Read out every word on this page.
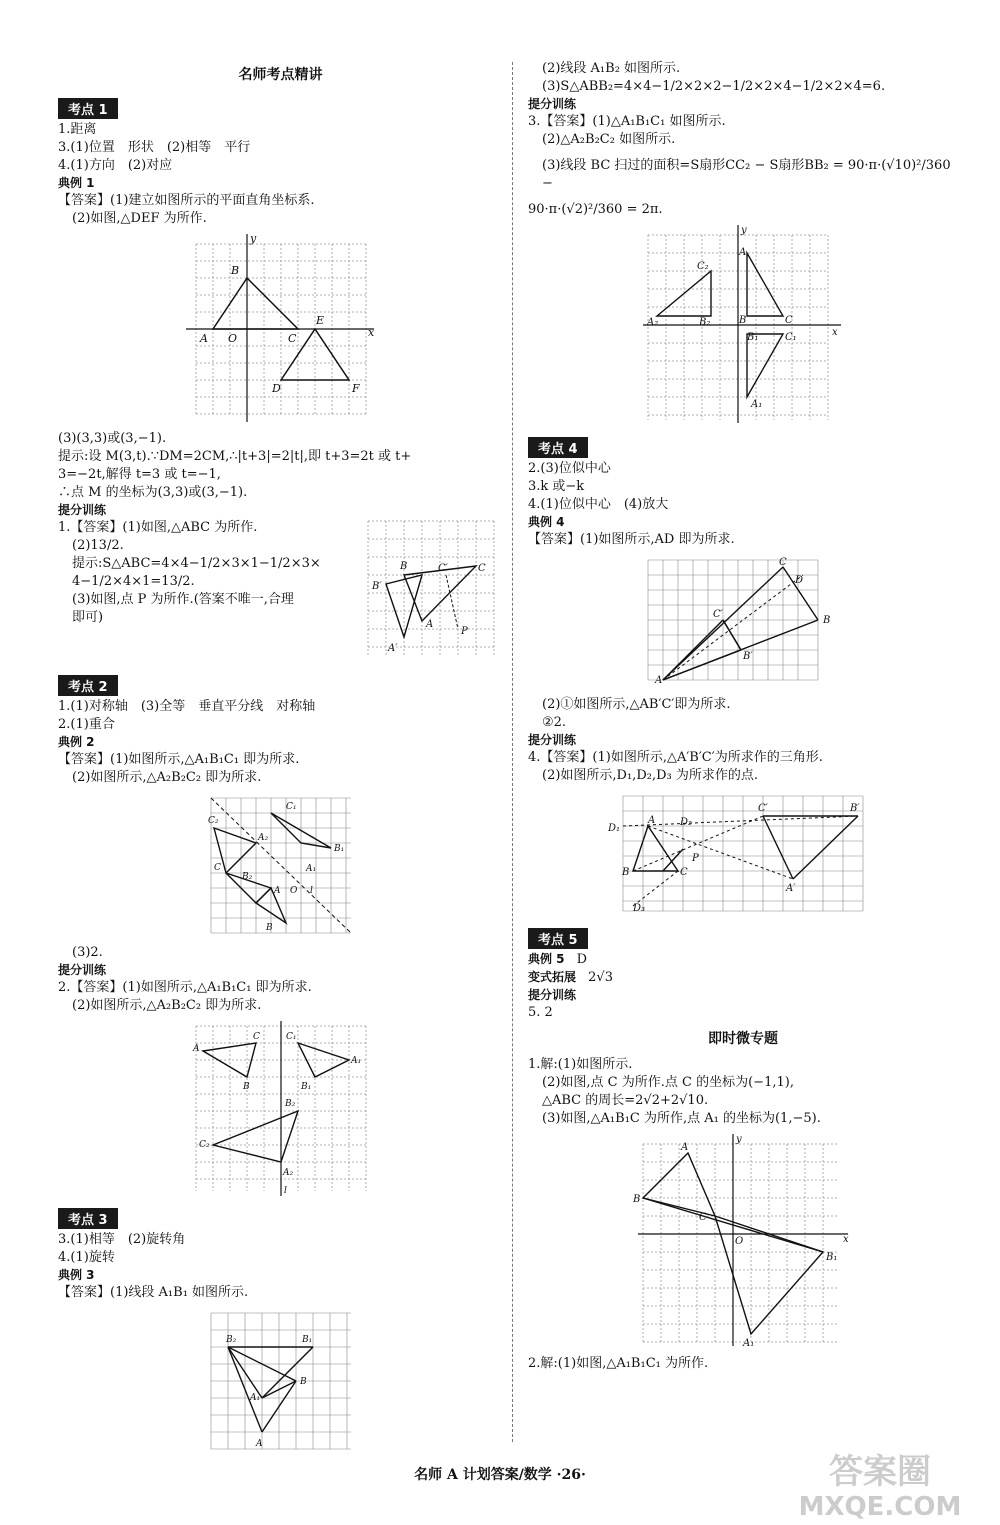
名师考点精讲
考点 1

1.距离

3.(1)位置　形状　(2)相等　平行

4.(1)方向　(2)对应

典例 1

【答案】(1)建立如图所示的平面直角坐标系.

(2)如图,△DEF 为所作.

B
A O	C
E
D	F
x
y

(3)(3,3)或(3,−1).

提示:设 M(3,t).∵DM=2CM,∴|t+3|=2|t|,即 t+3=2t 或 t+

3=−2t,解得 t=3 或 t=−1,

∴点 M 的坐标为(3,3)或(3,−1).

提分训练

1.【答案】(1)如图,△ABC 为所作.

(2)13/2.

提示:S△ABC=4×4−1/2×3×1−1/2×3×

4−1/2×4×1=13/2.

(3)如图,点 P 为所作.(答案不唯一,合理

即可)

B′
B	C′	C
A
P
A′
考点 2

1.(1)对称轴　(3)全等　垂直平分线　对称轴

2.(1)重合

典例 2

【答案】(1)如图所示,△A₁B₁C₁ 即为所求.

(2)如图所示,△A₂B₂C₂ 即为所求.

C₂
C₁
A₂
B₁
C
B₂
A₁
A O l
B

(3)2.

提分训练

2.【答案】(1)如图所示,△A₁B₁C₁ 即为所求.

(2)如图所示,△A₂B₂C₂ 即为所求.

A
C
B
C₁
A₁
B₁
B₂
C₂
A₂
l
考点 3

3.(1)相等　(2)旋转角

4.(1)旋转

典例 3

【答案】(1)线段 A₁B₁ 如图所示.

B₂	B₁
B
A₁
A

(2)线段 A₁B₂ 如图所示.

(3)S△ABB₂=4×4−1/2×2×2−1/2×2×4−1/2×2×4=6.

提分训练

3.【答案】(1)△A₁B₁C₁ 如图所示.

(2)△A₂B₂C₂ 如图所示.

(3)线段 BC 扫过的面积=S扇形CC₂ − S扇形BB₂ = 90·π·(√10)²/360 −

90·π·(√2)²/360 = 2π.

y
x
C₂
A
A₂	B₂	B	C
B₁	C₁
A₁
考点 4

2.(3)位似中心

3.k 或−k

4.(1)位似中心　(4)放大

典例 4

【答案】(1)如图所示,AD 即为所求.

A
C
D
B
C′
B′

(2)①如图所示,△AB′C′即为所求.

②2.

提分训练

4.【答案】(1)如图所示,△A′B′C′为所求作的三角形.

(2)如图所示,D₁,D₂,D₃ 为所求作的点.

D₁
A D₂
B	C
P
C′	B′
A′
D₃
考点 5
典例 5 D
变式拓展 2√3
提分训练

5. 2

即时微专题

1.解:(1)如图所示.

(2)如图,点 C 为所作.点 C 的坐标为(−1,1),

△ABC 的周长=2√2+2√10.

(3)如图,△A₁B₁C 为所作,点 A₁ 的坐标为(1,−5).

y
x
A
B
C
O
B₁
A₁

2.解:(1)如图,△A₁B₁C₁ 为所作.

名师 A 计划答案/数学 ·26·	答案圈
MXQE.COM
